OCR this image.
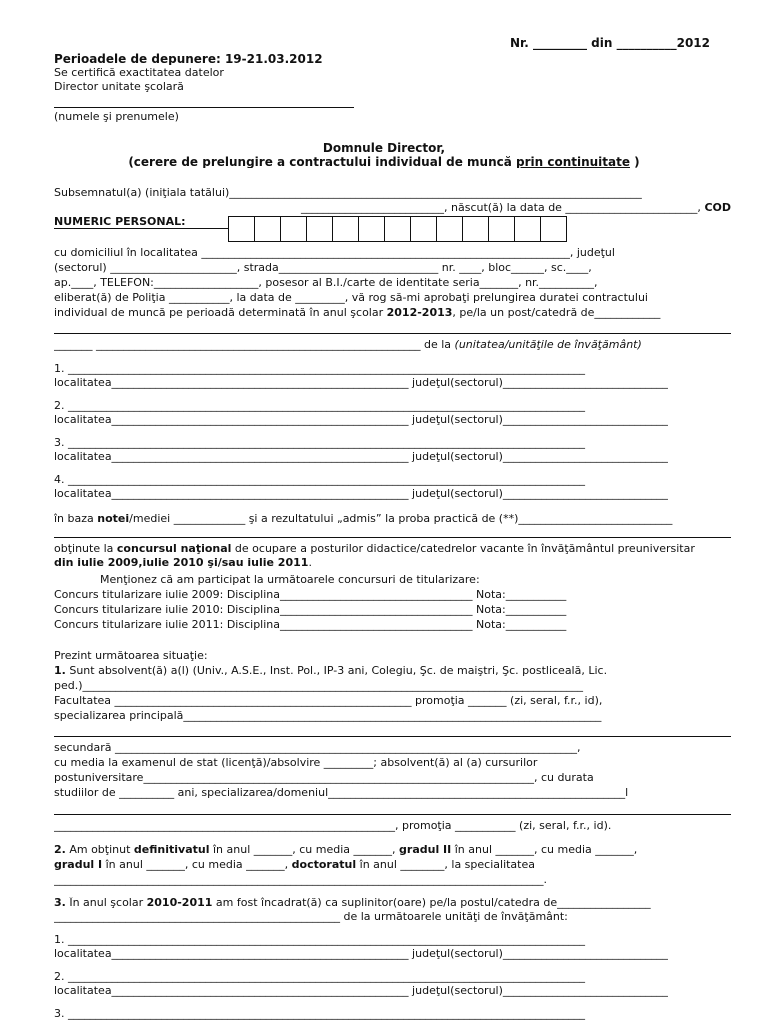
Nr. _________ din __________2012
Perioadele de depunere: 19-21.03.2012
Se certifică exactitatea datelor
Director unitate şcolară
(numele şi prenumele)
Domnule Director,
(cerere de prelungire a contractului individual de muncă prin continuitate )
Subsemnatul(a) (iniţiala tatălui)___________________________________________________________________________
__________________________, născut(ă) la data de ________________________, COD
NUMERIC PERSONAL:
cu domiciliul în localitatea ___________________________________________________________________, judeţul
(sectorul) _______________________, strada_____________________________ nr. ____, bloc______, sc.____,
ap.____, TELEFON:___________________, posesor al B.I./carte de identitate seria_______, nr.__________,
eliberat(ă) de Poliţia ___________, la data de _________, vă rog să-mi aprobaţi prelungirea duratei contractului
individual de muncă pe perioadă determinată în anul şcolar 2012-2013, pe/la un post/catedră de____________
_______ ___________________________________________________________ de la (unitatea/unităţile de învăţământ)
1. ______________________________________________________________________________________________
localitatea______________________________________________________ judeţul(sectorul)______________________________
2. ______________________________________________________________________________________________
localitatea______________________________________________________ judeţul(sectorul)______________________________
3. ______________________________________________________________________________________________
localitatea______________________________________________________ judeţul(sectorul)______________________________
4. ______________________________________________________________________________________________
localitatea______________________________________________________ judeţul(sectorul)______________________________
în baza notei/mediei _____________ şi a rezultatului „admis” la proba practică de (**)____________________________
obţinute la concursul naţional de ocupare a posturilor didactice/catedrelor vacante în învăţământul preuniversitar
din iulie 2009,iulie 2010 şi/sau iulie 2011.
Menţionez că am participat la următoarele concursuri de titularizare:
Concurs titularizare iulie 2009: Disciplina___________________________________ Nota:___________
Concurs titularizare iulie 2010: Disciplina___________________________________ Nota:___________
Concurs titularizare iulie 2011: Disciplina___________________________________ Nota:___________
Prezint următoarea situaţie:
1. Sunt absolvent(ă) a(l) (Univ., A.S.E., Inst. Pol., IP-3 ani, Colegiu, Şc. de maiştri, Şc. postliceală, Lic.
ped.)___________________________________________________________________________________________
Facultatea ______________________________________________________ promoţia _______ (zi, seral, f.r., id),
specializarea principală____________________________________________________________________________
secundară ____________________________________________________________________________________,
cu media la examenul de stat (licenţă)/absolvire _________; absolvent(ă) al (a) cursurilor
postuniversitare_______________________________________________________________________, cu durata
studiilor de __________ ani, specializarea/domeniul______________________________________________________l
______________________________________________________________, promoţia ___________ (zi, seral, f.r., id).
2. Am obţinut definitivatul în anul _______, cu media _______, gradul II în anul _______, cu media _______,
gradul I în anul _______, cu media _______, doctoratul în anul ________, la specialitatea
_________________________________________________________________________________________.
3. În anul şcolar 2010-2011 am fost încadrat(ă) ca suplinitor(oare) pe/la postul/catedra de_________________
____________________________________________________ de la următoarele unităţi de învăţământ:
1. ______________________________________________________________________________________________
localitatea______________________________________________________ judeţul(sectorul)______________________________
2. ______________________________________________________________________________________________
localitatea______________________________________________________ judeţul(sectorul)______________________________
3. ______________________________________________________________________________________________
